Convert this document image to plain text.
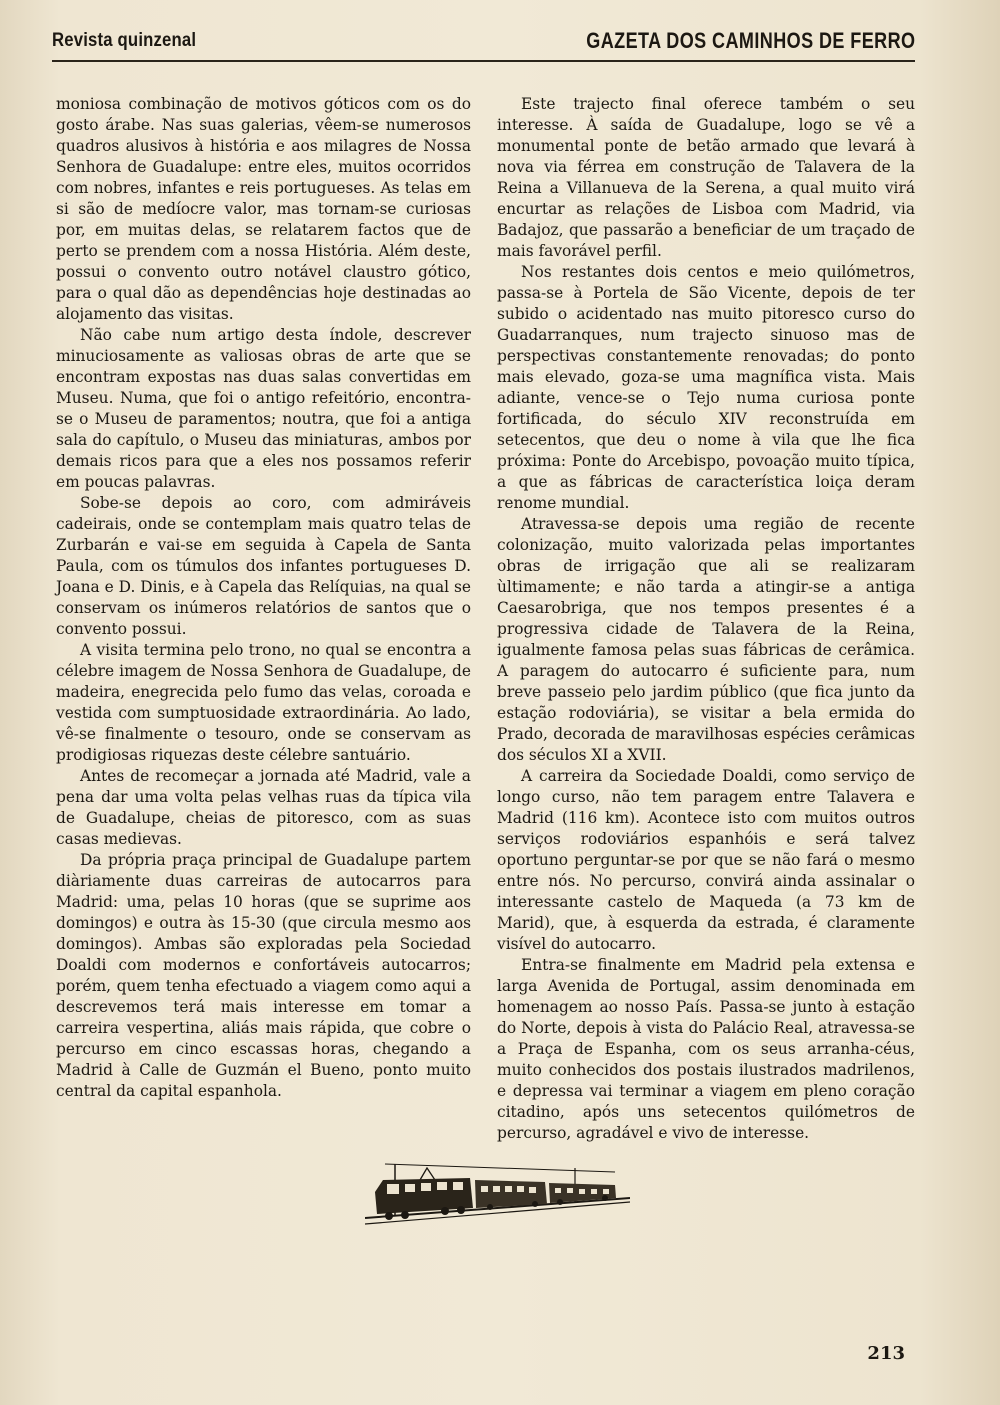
Revista quinzenal	GAZETA DOS CAMINHOS DE FERRO

moniosa combinação de motivos góticos com os do gosto árabe. Nas suas galerias, vêem-se numerosos quadros alusivos à história e aos milagres de Nossa Senhora de Guadalupe: entre eles, muitos ocorridos com nobres, infantes e reis portugueses. As telas em si são de medíocre valor, mas tornam-se curiosas por, em muitas delas, se relatarem factos que de perto se prendem com a nossa História. Além deste, possui o convento outro notável claustro gótico, para o qual dão as dependências hoje destinadas ao alojamento das visitas.

Não cabe num artigo desta índole, descrever minuciosamente as valiosas obras de arte que se encontram expostas nas duas salas convertidas em Museu. Numa, que foi o antigo refeitório, encontra-se o Museu de paramentos; noutra, que foi a antiga sala do capítulo, o Museu das miniaturas, ambos por demais ricos para que a eles nos possamos referir em poucas palavras.

Sobe-se depois ao coro, com admiráveis cadeirais, onde se contemplam mais quatro telas de Zurbarán e vai-se em seguida à Capela de Santa Paula, com os túmulos dos infantes portugueses D. Joana e D. Dinis, e à Capela das Relíquias, na qual se conservam os inúmeros relatórios de santos que o convento possui.

A visita termina pelo trono, no qual se encontra a célebre imagem de Nossa Senhora de Guadalupe, de madeira, enegrecida pelo fumo das velas, coroada e vestida com sumptuosidade extraordinária. Ao lado, vê-se finalmente o tesouro, onde se conservam as prodigiosas riquezas deste célebre santuário.

Antes de recomeçar a jornada até Madrid, vale a pena dar uma volta pelas velhas ruas da típica vila de Guadalupe, cheias de pitoresco, com as suas casas medievas.

Da própria praça principal de Guadalupe partem diàriamente duas carreiras de autocarros para Madrid: uma, pelas 10 horas (que se suprime aos domingos) e outra às 15-30 (que circula mesmo aos domingos). Ambas são exploradas pela Sociedad Doaldi com modernos e confortáveis autocarros; porém, quem tenha efectuado a viagem como aqui a descrevemos terá mais interesse em tomar a carreira vespertina, aliás mais rápida, que cobre o percurso em cinco escassas horas, chegando a Madrid à Calle de Guzmán el Bueno, ponto muito central da capital espanhola.

Este trajecto final oferece também o seu interesse. À saída de Guadalupe, logo se vê a monumental ponte de betão armado que levará à nova via férrea em construção de Talavera de la Reina a Villanueva de la Serena, a qual muito virá encurtar as relações de Lisboa com Madrid, via Badajoz, que passarão a beneficiar de um traçado de mais favorável perfil.

Nos restantes dois centos e meio quilómetros, passa-se à Portela de São Vicente, depois de ter subido o acidentado nas muito pitoresco curso do Guadarranques, num trajecto sinuoso mas de perspectivas constantemente renovadas; do ponto mais elevado, goza-se uma magnífica vista. Mais adiante, vence-se o Tejo numa curiosa ponte fortificada, do século XIV reconstruída em setecentos, que deu o nome à vila que lhe fica próxima: Ponte do Arcebispo, povoação muito típica, a que as fábricas de característica loiça deram renome mundial.

Atravessa-se depois uma região de recente colonização, muito valorizada pelas importantes obras de irrigação que ali se realizaram ùltimamente; e não tarda a atingir-se a antiga Caesarobriga, que nos tempos presentes é a progressiva cidade de Talavera de la Reina, igualmente famosa pelas suas fábricas de cerâmica. A paragem do autocarro é suficiente para, num breve passeio pelo jardim público (que fica junto da estação rodoviária), se visitar a bela ermida do Prado, decorada de maravilhosas espécies cerâmicas dos séculos XI a XVII.

A carreira da Sociedade Doaldi, como serviço de longo curso, não tem paragem entre Talavera e Madrid (116 km). Acontece isto com muitos outros serviços rodoviários espanhóis e será talvez oportuno perguntar-se por que se não fará o mesmo entre nós. No percurso, convirá ainda assinalar o interessante castelo de Maqueda (a 73 km de Marid), que, à esquerda da estrada, é claramente visível do autocarro.

Entra-se finalmente em Madrid pela extensa e larga Avenida de Portugal, assim denominada em homenagem ao nosso País. Passa-se junto à estação do Norte, depois à vista do Palácio Real, atravessa-se a Praça de Espanha, com os seus arranha-céus, muito conhecidos dos postais ilustrados madrilenos, e depressa vai terminar a viagem em pleno coração citadino, após uns setecentos quilómetros de percurso, agradável e vivo de interesse.

213
